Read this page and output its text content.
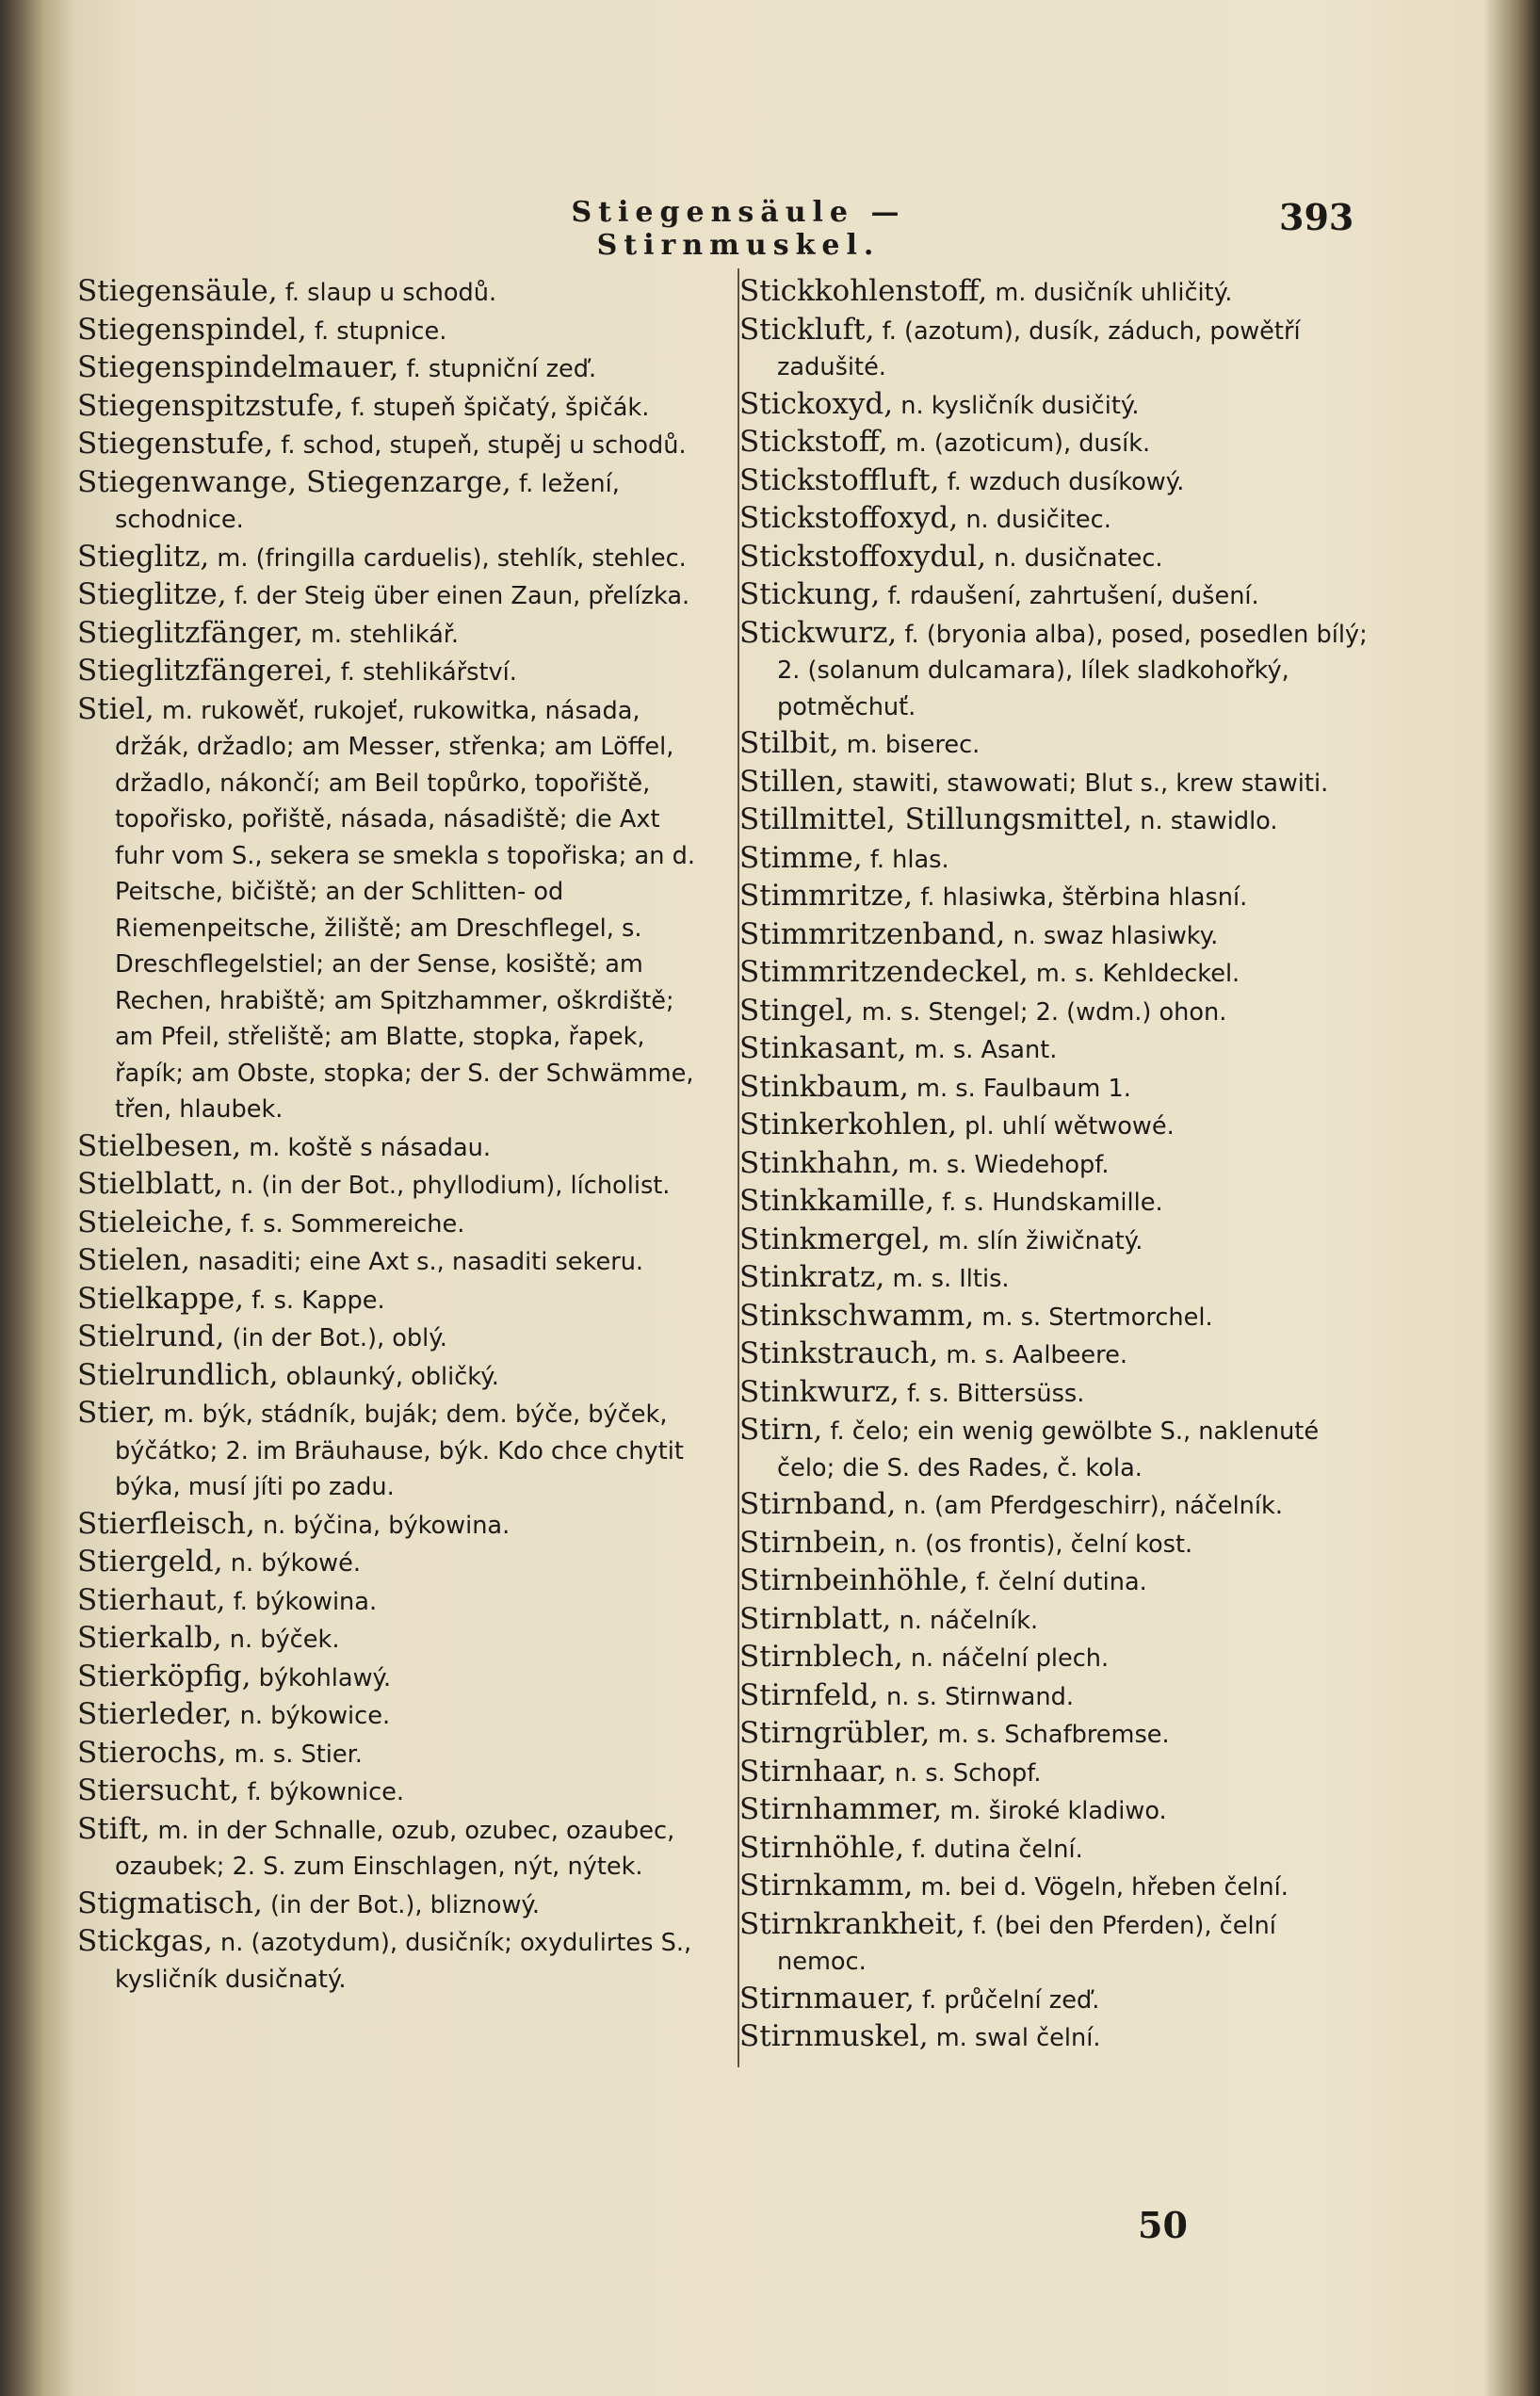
Stiegensäule — Stirnmuskel.
393
Stiegensäule, f. slaup u schodů.
Stiegenspindel, f. stupnice.
Stiegenspindelmauer, f. stupniční zeď.
Stiegenspitzstufe, f. stupeň špičatý, špičák.
Stiegenstufe, f. schod, stupeň, stupěj u schodů.
Stiegenwange, Stiegenzarge, f. ležení, schodnice.
Stieglitz, m. (fringilla carduelis), stehlík, stehlec.
Stieglitze, f. der Steig über einen Zaun, přelízka.
Stieglitzfänger, m. stehlikář.
Stieglitzfängerei, f. stehlikářství.
Stiel, m. rukowěť, rukojeť, rukowitka, násada, držák, držadlo; am Messer, střenka; am Löffel, držadlo, nákončí; am Beil topůrko, topořiště, topořisko, pořiště, násada, násadiště; die Axt fuhr vom S., sekera se smekla s topořiska; an d. Peitsche, bičiště; an der Schlitten- od Riemenpeitsche, žiliště; am Dreschflegel, s. Dreschflegelstiel; an der Sense, kosiště; am Rechen, hrabiště; am Spitzhammer, oškrdiště; am Pfeil, střeliště; am Blatte, stopka, řapek, řapík; am Obste, stopka; der S. der Schwämme, třen, hlaubek.
Stielbesen, m. koště s násadau.
Stielblatt, n. (in der Bot., phyllodium), lícholist.
Stieleiche, f. s. Sommereiche.
Stielen, nasaditi; eine Axt s., nasaditi sekeru.
Stielkappe, f. s. Kappe.
Stielrund, (in der Bot.), oblý.
Stielrundlich, oblaunký, obličký.
Stier, m. býk, stádník, buják; dem. býče, býček, býčátko; 2. im Bräuhause, býk. Kdo chce chytit býka, musí jíti po zadu.
Stierfleisch, n. býčina, býkowina.
Stiergeld, n. býkowé.
Stierhaut, f. býkowina.
Stierkalb, n. býček.
Stierköpfig, býkohlawý.
Stierleder, n. býkowice.
Stierochs, m. s. Stier.
Stiersucht, f. býkownice.
Stift, m. in der Schnalle, ozub, ozubec, ozaubec, ozaubek; 2. S. zum Einschlagen, nýt, nýtek.
Stigmatisch, (in der Bot.), bliznowý.
Stickgas, n. (azotydum), dusičník; oxydulirtes S., kysličník dusičnatý.
Stickkohlenstoff, m. dusičník uhličitý.
Stickluft, f. (azotum), dusík, záduch, powětří zadušité.
Stickoxyd, n. kysličník dusičitý.
Stickstoff, m. (azoticum), dusík.
Stickstoffluft, f. wzduch dusíkowý.
Stickstoffoxyd, n. dusičitec.
Stickstoffoxydul, n. dusičnatec.
Stickung, f. rdaušení, zahrtušení, dušení.
Stickwurz, f. (bryonia alba), posed, posedlen bílý; 2. (solanum dulcamara), lílek sladkohořký, potměchuť.
Stilbit, m. biserec.
Stillen, stawiti, stawowati; Blut s., krew stawiti.
Stillmittel, Stillungsmittel, n. stawidlo.
Stimme, f. hlas.
Stimmritze, f. hlasiwka, štěrbina hlasní.
Stimmritzenband, n. swaz hlasiwky.
Stimmritzendeckel, m. s. Kehldeckel.
Stingel, m. s. Stengel; 2. (wdm.) ohon.
Stinkasant, m. s. Asant.
Stinkbaum, m. s. Faulbaum 1.
Stinkerkohlen, pl. uhlí wětwowé.
Stinkhahn, m. s. Wiedehopf.
Stinkkamille, f. s. Hundskamille.
Stinkmergel, m. slín žiwičnatý.
Stinkratz, m. s. Iltis.
Stinkschwamm, m. s. Stertmorchel.
Stinkstrauch, m. s. Aalbeere.
Stinkwurz, f. s. Bittersüss.
Stirn, f. čelo; ein wenig gewölbte S., naklenuté čelo; die S. des Rades, č. kola.
Stirnband, n. (am Pferdgeschirr), náčelník.
Stirnbein, n. (os frontis), čelní kost.
Stirnbeinhöhle, f. čelní dutina.
Stirnblatt, n. náčelník.
Stirnblech, n. náčelní plech.
Stirnfeld, n. s. Stirnwand.
Stirngrübler, m. s. Schafbremse.
Stirnhaar, n. s. Schopf.
Stirnhammer, m. široké kladiwo.
Stirnhöhle, f. dutina čelní.
Stirnkamm, m. bei d. Vögeln, hřeben čelní.
Stirnkrankheit, f. (bei den Pferden), čelní nemoc.
Stirnmauer, f. průčelní zeď.
Stirnmuskel, m. swal čelní.
50
